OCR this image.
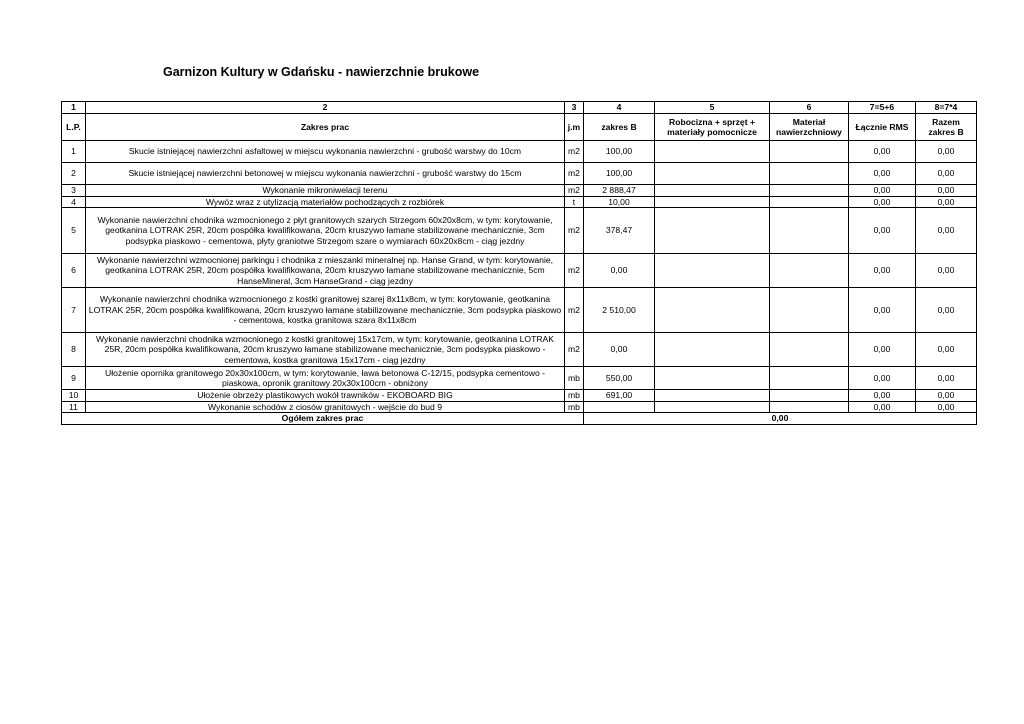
Garnizon Kultury w Gdańsku - nawierzchnie brukowe
1	2	3	4	5	6	7=5+6	8=7*4
L.P.	Zakres prac	j.m	zakres B	Robocizna + sprzęt + materiały pomocnicze	Materiał nawierzchniowy	Łącznie RMS	Razem zakres B
1	Skucie istniejącej nawierzchni asfaltowej w miejscu wykonania nawierzchni - grubość warstwy do 10cm	m2	100,00			0,00	0,00
2	Skucie istniejącej nawierzchni betonowej w miejscu wykonania nawierzchni - grubość warstwy do 15cm	m2	100,00			0,00	0,00
3	Wykonanie mikroniwelacji terenu	m2	2 888,47			0,00	0,00
4	Wywóz wraz z utylizacją materiałów pochodzących z rozbiórek	t	10,00			0,00	0,00
5	Wykonanie nawierzchni chodnika wzmocnionego z płyt granitowych szarych Strzegom 60x20x8cm, w tym: korytowanie, geotkanina LOTRAK 25R, 20cm pospółka kwalifikowana, 20cm kruszywo łamane stabilizowane mechanicznie, 3cm podsypka piaskowo - cementowa, płyty graniotwe Strzegom szare o wymiarach 60x20x8cm - ciąg jezdny	m2	378,47			0,00	0,00
6	Wykonanie nawierzchni wzmocnionej parkingu i chodnika z mieszanki mineralnej np. Hanse Grand, w tym: korytowanie, geotkanina LOTRAK 25R, 20cm pospółka kwalifikowana, 20cm kruszywo łamane stabilizowane mechanicznie, 5cm HanseMineral, 3cm HanseGrand - ciąg jezdny	m2	0,00			0,00	0,00
7	Wykonanie nawierzchni chodnika wzmocnionego z kostki granitowej szarej 8x11x8cm, w tym: korytowanie, geotkanina LOTRAK 25R, 20cm pospółka kwalifikowana, 20cm kruszywo łamane stabilizowane mechanicznie, 3cm podsypka piaskowo - cementowa, kostka granitowa szara 8x11x8cm	m2	2 510,00			0,00	0,00
8	Wykonanie nawierzchni chodnika wzmocnionego z kostki granitowej 15x17cm, w tym: korytowanie, geotkanina LOTRAK 25R, 20cm pospółka kwalifikowana, 20cm kruszywo łamane stabilizowane mechanicznie, 3cm podsypka piaskowo - cementowa, kostka granitowa 15x17cm - ciąg jezdny	m2	0,00			0,00	0,00
9	Ułożenie opornika granitowego 20x30x100cm, w tym: korytowanie, ława betonowa C-12/15, podsypka cementowo - piaskowa, opronik granitowy 20x30x100cm - obniżony	mb	550,00			0,00	0,00
10	Ułożenie obrzeży plastikowych wokół trawników - EKOBOARD BIG	mb	691,00			0,00	0,00
11	Wykonanie schodów z ciosów granitowych - wejście do bud 9	mb				0,00	0,00
Ogółem zakres prac			0,00				
